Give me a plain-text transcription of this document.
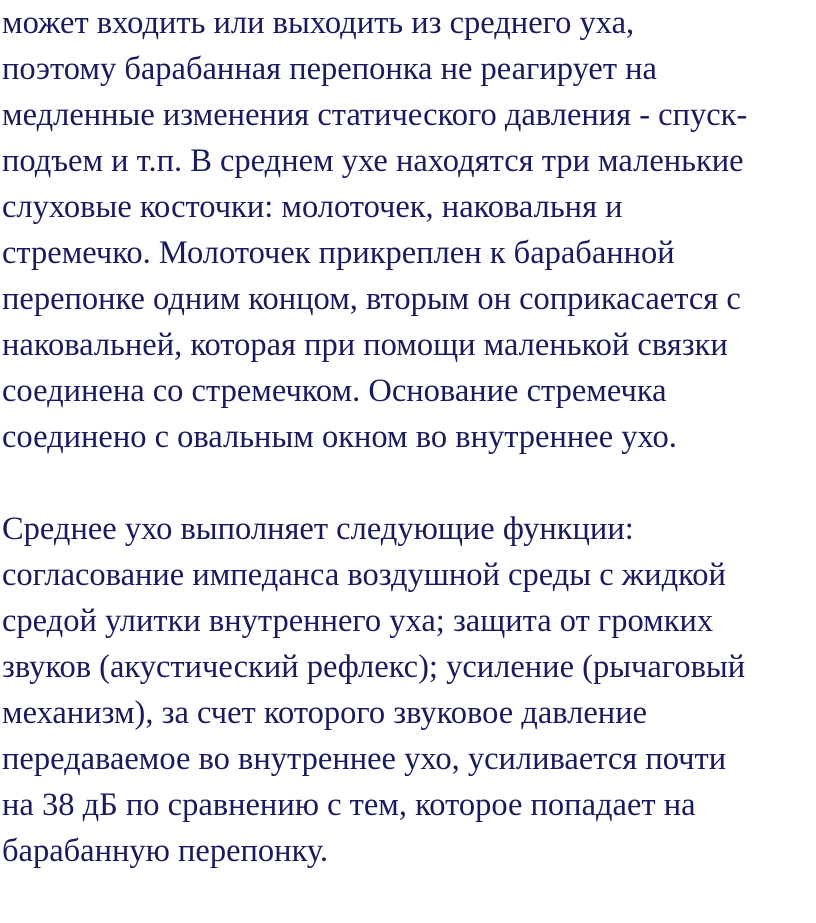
может входить или выходить из среднего уха,
поэтому барабанная перепонка не реагирует на
медленные изменения статического давления - спуск-
подъем и т.п. В среднем ухе находятся три маленькие
слуховые косточки: молоточек, наковальня и
стремечко. Молоточек прикреплен к барабанной
перепонке одним концом, вторым он соприкасается с
наковальней, которая при помощи маленькой связки
соединена со стремечком. Основание стремечка
соединено с овальным окном во внутреннее ухо.
Среднее ухо выполняет следующие функции:
согласование импеданса воздушной среды с жидкой
средой улитки внутреннего уха; защита от громких
звуков (акустический рефлекс); усиление (рычаговый
механизм), за счет которого звуковое давление
передаваемое во внутреннее ухо, усиливается почти
на 38 дБ по сравнению с тем, которое попадает на
барабанную перепонку.
